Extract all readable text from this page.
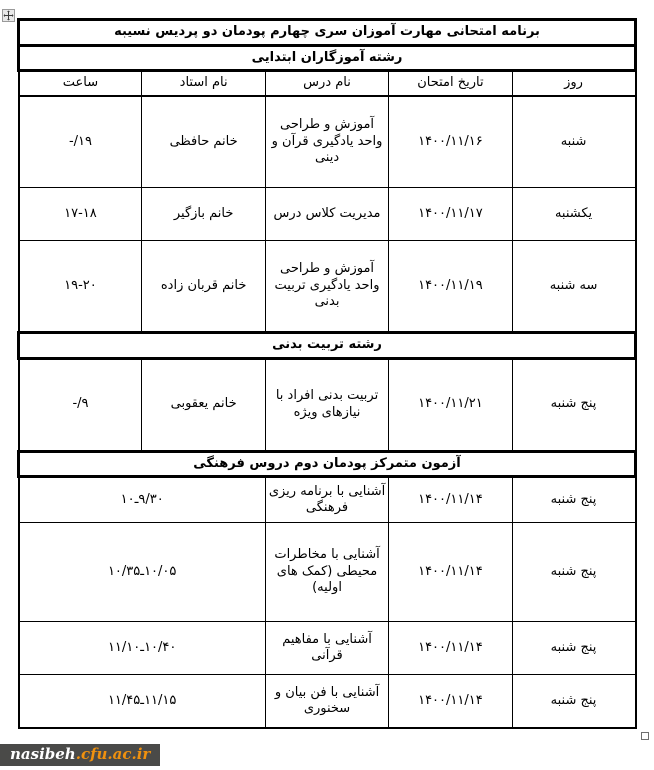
برنامه امتحانی مهارت آموزان سری چهارم پودمان دو پردیس نسیبه				
رشته آموزگاران ابتدایی				
روز	تاریخ امتحان	نام درس	نام استاد	ساعت
شنبه	۱۴۰۰/۱۱/۱۶	آموزش و طراحی واحد یادگیری قرآن و دینی	خانم حافظی	۱۹/-
یکشنبه	۱۴۰۰/۱۱/۱۷	مدیریت کلاس درس	خانم بازگیر	۱۷-۱۸
سه شنبه	۱۴۰۰/۱۱/۱۹	آموزش و طراحی واحد یادگیری تربیت بدنی	خانم قربان زاده	۱۹-۲۰
رشته تربیت بدنی				
پنج شنبه	۱۴۰۰/۱۱/۲۱	تربیت بدنی افراد با نیازهای ویژه	خانم یعقوبی	۹/-
آزمون متمرکز پودمان دوم دروس فرهنگی				
پنج شنبه	۱۴۰۰/۱۱/۱۴	آشنایی با برنامه ریزی فرهنگی	۹/۳۰ـ۱۰	
پنج شنبه	۱۴۰۰/۱۱/۱۴	آشنایی با مخاطرات محیطی (کمک های اولیه)	۱۰/۰۵ـ۱۰/۳۵	
پنج شنبه	۱۴۰۰/۱۱/۱۴	آشنایی با مفاهیم قرآنی	۱۰/۴۰ـ۱۱/۱۰	
پنج شنبه	۱۴۰۰/۱۱/۱۴	آشنایی با فن بیان و سخنوری	۱۱/۱۵ـ۱۱/۴۵	
nasibeh.cfu.ac.ir
